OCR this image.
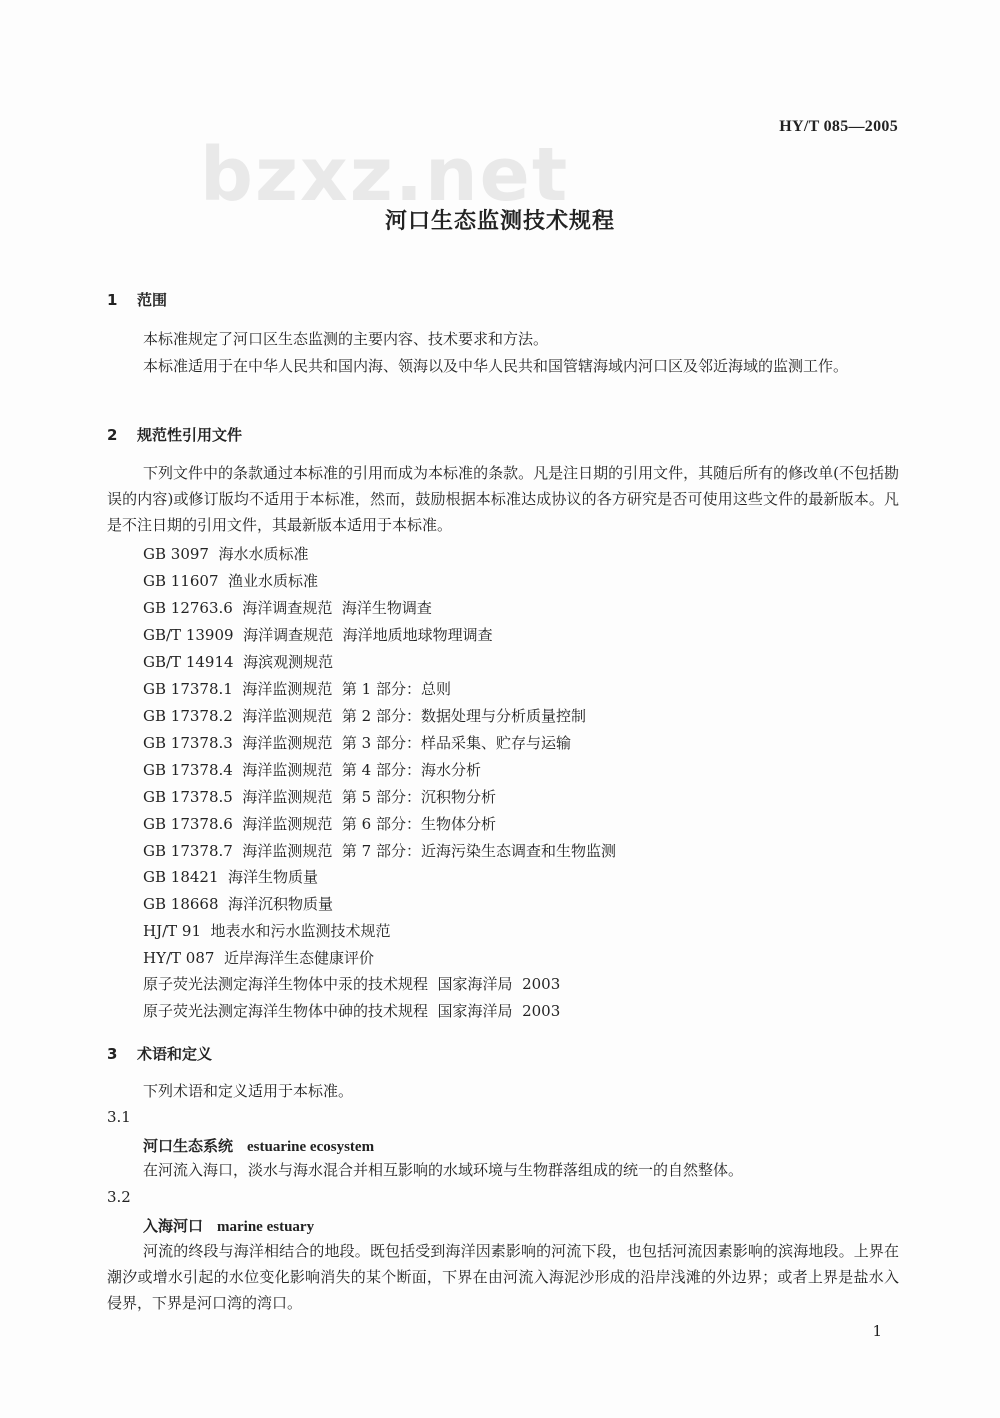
HY/T 085—2005
bzxz.net
河口生态监测技术规程
1 范围

本标准规定了河口区生态监测的主要内容、技术要求和方法。

本标准适用于在中华人民共和国内海、领海以及中华人民共和国管辖海域内河口区及邻近海域的监测工作。

2 规范性引用文件

下列文件中的条款通过本标准的引用而成为本标准的条款。凡是注日期的引用文件，其随后所有的修改单(不包括勘误的内容)或修订版均不适用于本标准，然而，鼓励根据本标准达成协议的各方研究是否可使用这些文件的最新版本。凡是不注日期的引用文件，其最新版本适用于本标准。

GB 3097  海水水质标准
GB 11607  渔业水质标准
GB 12763.6  海洋调查规范  海洋生物调查
GB/T 13909  海洋调查规范  海洋地质地球物理调查
GB/T 14914  海滨观测规范
GB 17378.1  海洋监测规范  第 1 部分：总则
GB 17378.2  海洋监测规范  第 2 部分：数据处理与分析质量控制
GB 17378.3  海洋监测规范  第 3 部分：样品采集、贮存与运输
GB 17378.4  海洋监测规范  第 4 部分：海水分析
GB 17378.5  海洋监测规范  第 5 部分：沉积物分析
GB 17378.6  海洋监测规范  第 6 部分：生物体分析
GB 17378.7  海洋监测规范  第 7 部分：近海污染生态调查和生物监测
GB 18421  海洋生物质量
GB 18668  海洋沉积物质量
HJ/T 91  地表水和污水监测技术规范
HY/T 087  近岸海洋生态健康评价
原子荧光法测定海洋生物体中汞的技术规程  国家海洋局  2003
原子荧光法测定海洋生物体中砷的技术规程  国家海洋局  2003
3 术语和定义

下列术语和定义适用于本标准。

3.1
河口生态系统 estuarine ecosystem

在河流入海口，淡水与海水混合并相互影响的水域环境与生物群落组成的统一的自然整体。

3.2
入海河口 marine estuary

河流的终段与海洋相结合的地段。既包括受到海洋因素影响的河流下段，也包括河流因素影响的滨海地段。上界在潮汐或增水引起的水位变化影响消失的某个断面，下界在由河流入海泥沙形成的沿岸浅滩的外边界；或者上界是盐水入侵界，下界是河口湾的湾口。

1
